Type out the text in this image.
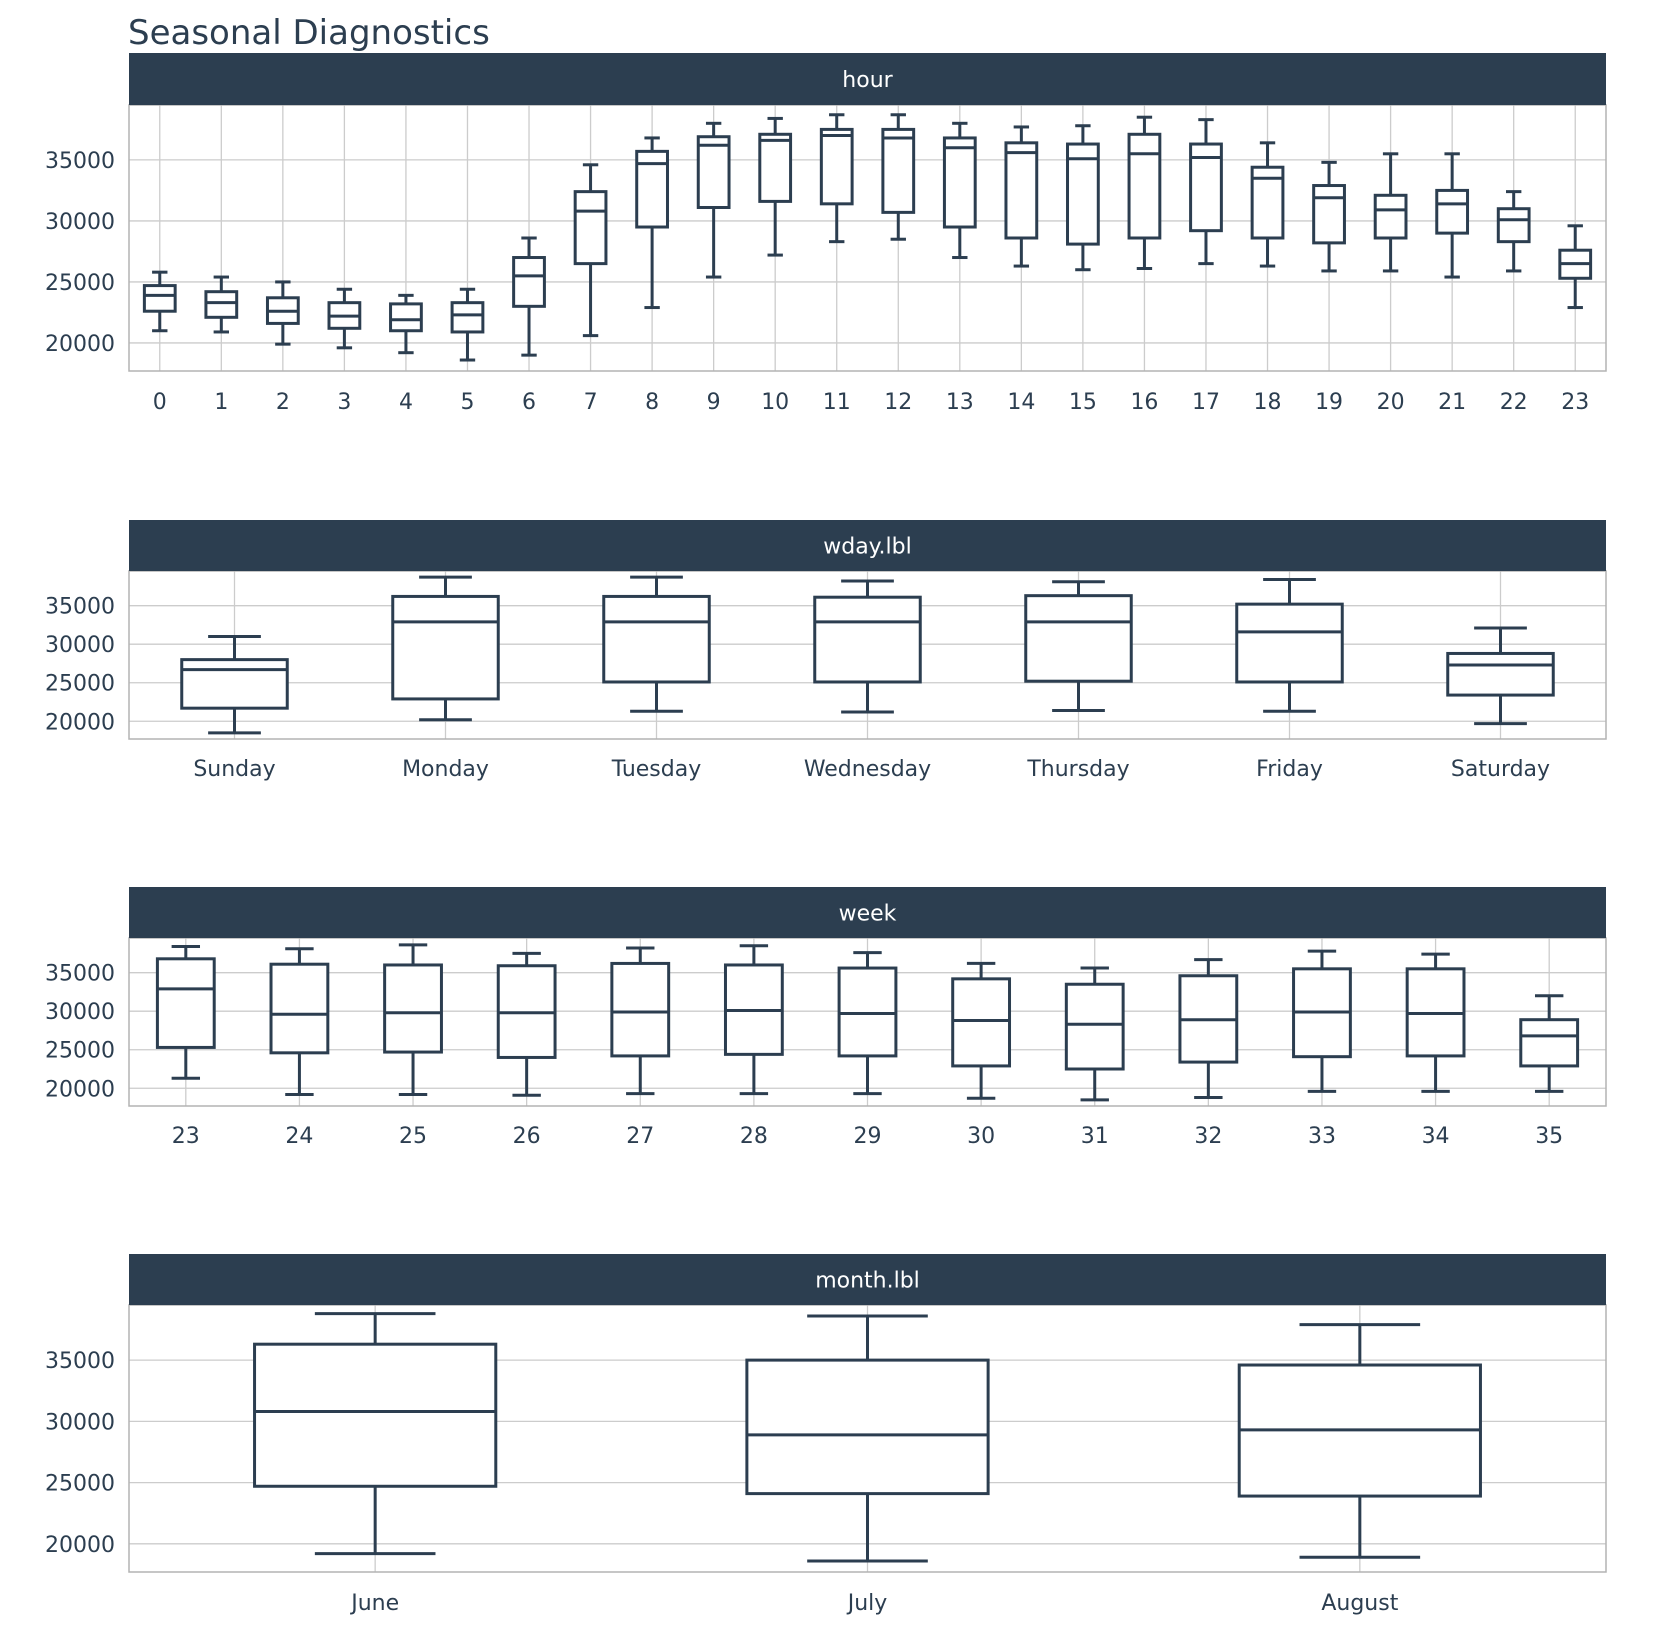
Seasonal Diagnostics
hour
20000
25000
30000
35000
0 1 2 3 4 5 6 7 8 9 10 11 12 13 14 15 16 17 18 19 20 21 22 23
wday.lbl
20000
25000
30000
35000
Sunday	Monday	Tuesday	Wednesday	Thursday	Friday	Saturday
week
20000
25000
30000
35000
23	24	25	26	27	28	29	30	31	32	33	34	35
month.lbl
20000
25000
30000
35000
June	July	August
